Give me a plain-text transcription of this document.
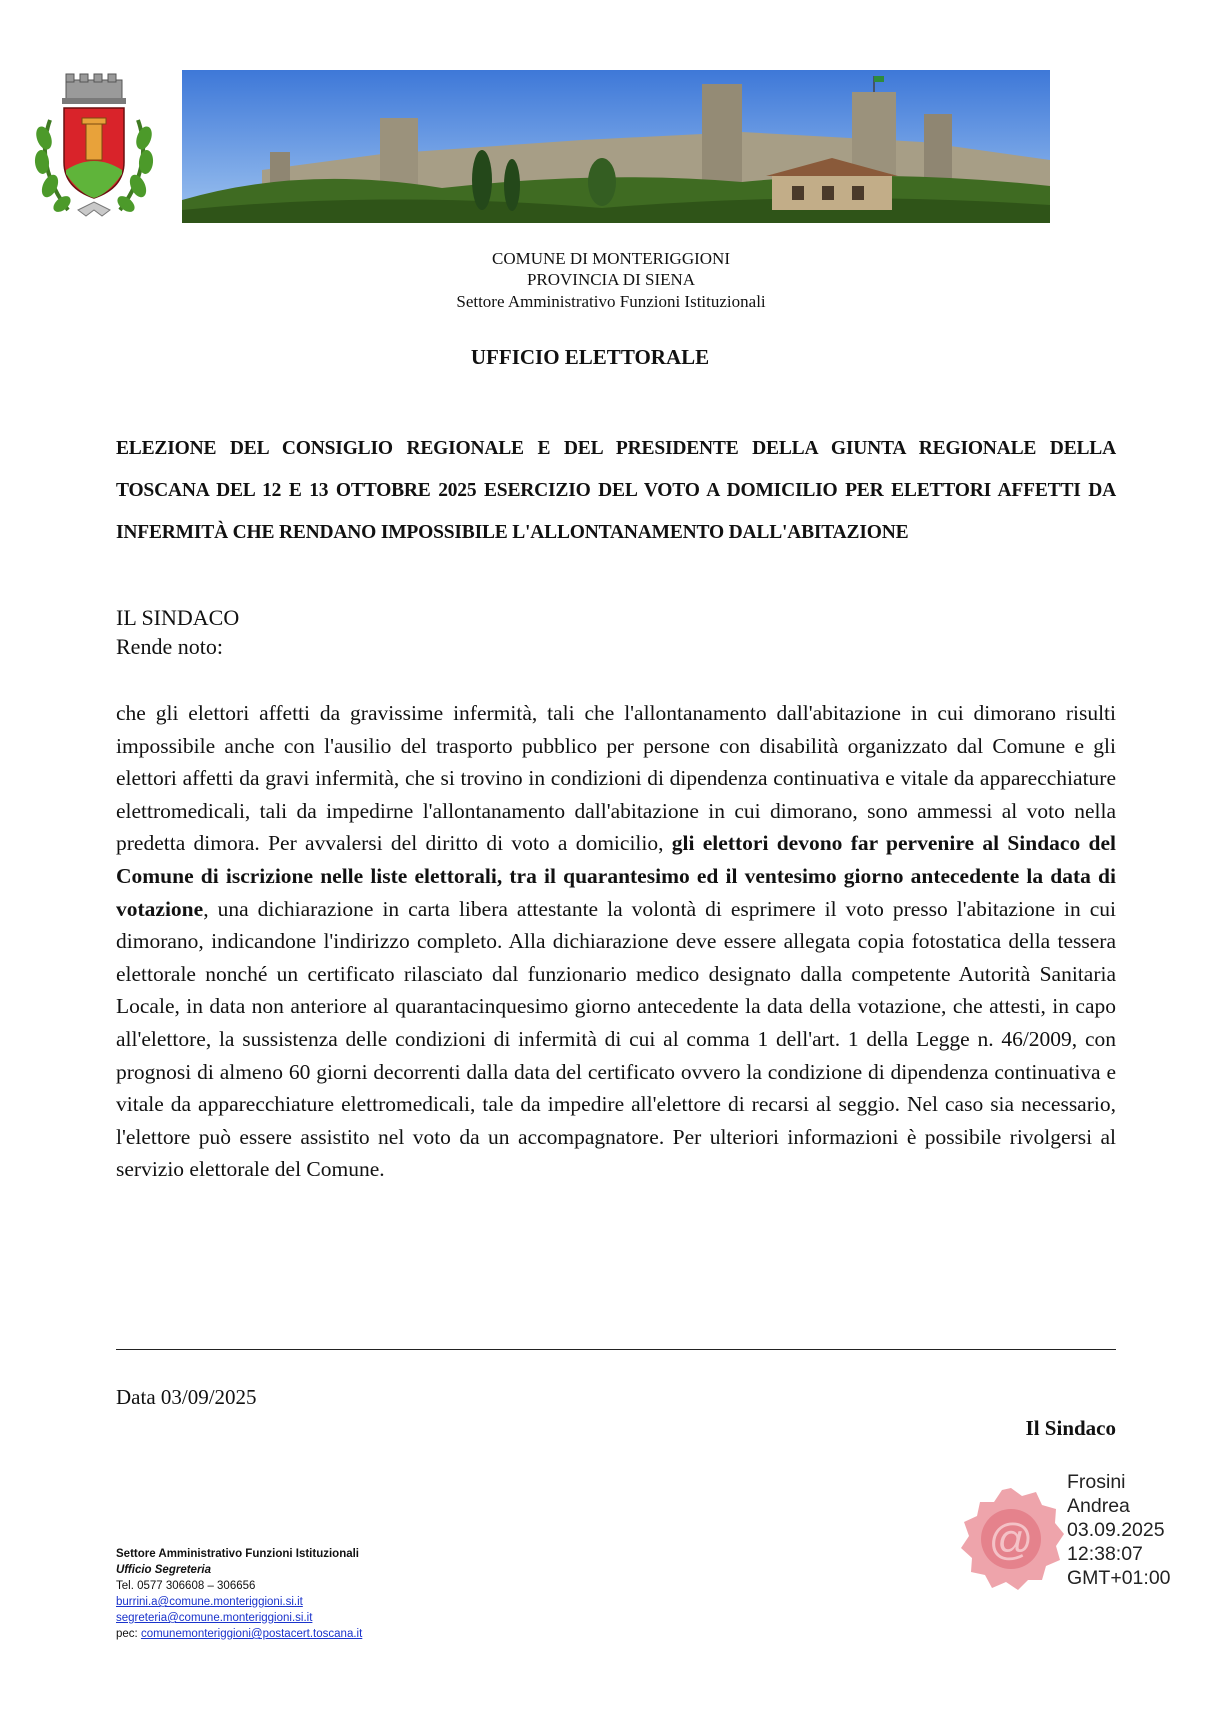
COMUNE DI MONTERIGGIONI
PROVINCIA DI SIENA
Settore Amministrativo Funzioni Istituzionali
UFFICIO ELETTORALE
ELEZIONE DEL CONSIGLIO REGIONALE E DEL PRESIDENTE DELLA GIUNTA REGIONALE DELLA TOSCANA DEL 12 E 13 OTTOBRE 2025 ESERCIZIO DEL VOTO A DOMICILIO PER ELETTORI AFFETTI DA INFERMITÀ CHE RENDANO IMPOSSIBILE L'ALLONTANAMENTO DALL'ABITAZIONE
IL SINDACO
Rende noto:
che gli elettori affetti da gravissime infermità, tali che l'allontanamento dall'abitazione in cui dimorano risulti impossibile anche con l'ausilio del trasporto pubblico per persone con disabilità organizzato dal Comune e gli elettori affetti da gravi infermità, che si trovino in condizioni di dipendenza continuativa e vitale da apparecchiature elettromedicali, tali da impedirne l'allontanamento dall'abitazione in cui dimorano, sono ammessi al voto nella predetta dimora. Per avvalersi del diritto di voto a domicilio, gli elettori devono far pervenire al Sindaco del Comune di iscrizione nelle liste elettorali, tra il quarantesimo ed il ventesimo giorno antecedente la data di votazione, una dichiarazione in carta libera attestante la volontà di esprimere il voto presso l'abitazione in cui dimorano, indicandone l'indirizzo completo. Alla dichiarazione deve essere allegata copia fotostatica della tessera elettorale nonché un certificato rilasciato dal funzionario medico designato dalla competente Autorità Sanitaria Locale, in data non anteriore al quarantacinquesimo giorno antecedente la data della votazione, che attesti, in capo all'elettore, la sussistenza delle condizioni di infermità di cui al comma 1 dell'art. 1 della Legge n. 46/2009, con prognosi di almeno 60 giorni decorrenti dalla data del certificato ovvero la condizione di dipendenza continuativa e vitale da apparecchiature elettromedicali, tale da impedire all'elettore di recarsi al seggio. Nel caso sia necessario, l'elettore può essere assistito nel voto da un accompagnatore. Per ulteriori informazioni è possibile rivolgersi al servizio elettorale del Comune.
Data 03/09/2025
Il Sindaco
@
Frosini
Andrea
03.09.2025
12:38:07
GMT+01:00
Settore Amministrativo Funzioni Istituzionali
Ufficio Segreteria
Tel. 0577 306608 – 306656
burrini.a@comune.monteriggioni.si.it
segreteria@comune.monteriggioni.si.it
pec: comunemonteriggioni@postacert.toscana.it
